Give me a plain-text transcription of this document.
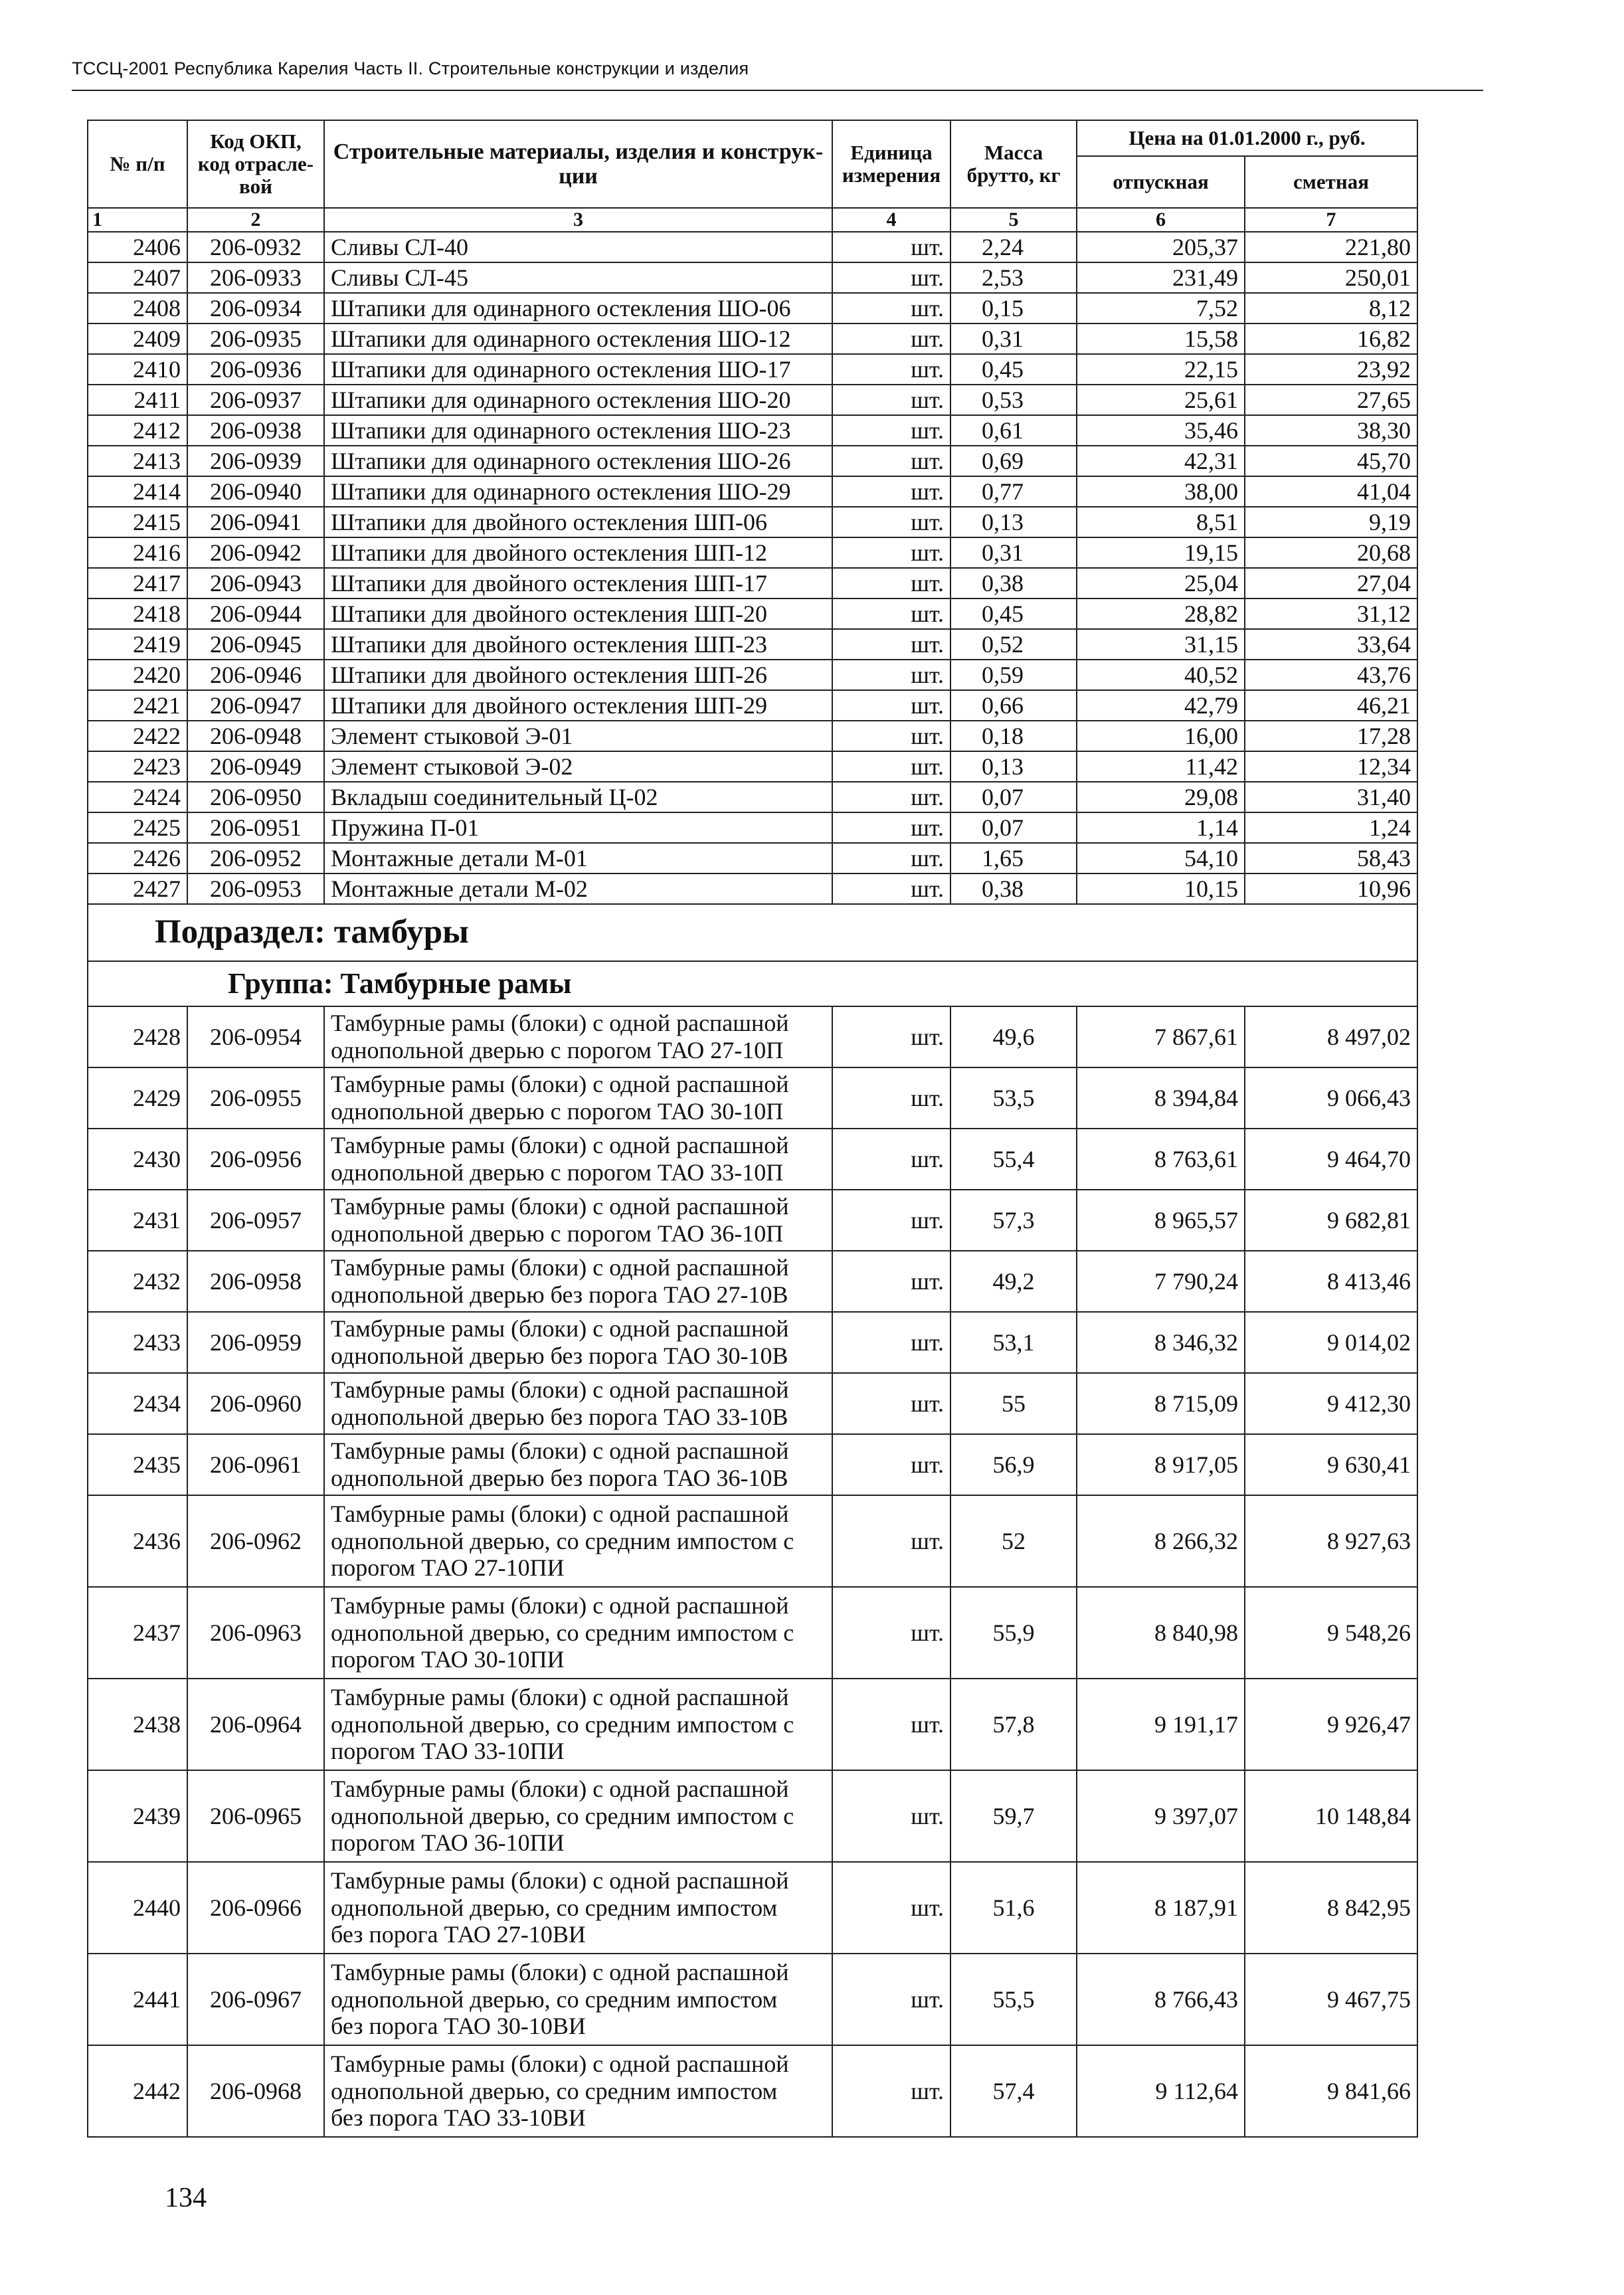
ТССЦ-2001 Республика Карелия Часть II. Строительные конструкции и изделия
№ п/п	Код ОКП, код отрасле-вой	Строительные материалы, изделия и конструк-ции	Единица измерения	Масса брутто, кг	Цена на 01.01.2000 г., руб.	
					отпускная	сметная
1	2	3	4	5	6	7
2406	206-0932	Сливы СЛ-40	шт.	2,24	205,37	221,80
2407	206-0933	Сливы СЛ-45	шт.	2,53	231,49	250,01
2408	206-0934	Штапики для одинарного остекления ШО-06	шт.	0,15	7,52	8,12
2409	206-0935	Штапики для одинарного остекления ШО-12	шт.	0,31	15,58	16,82
2410	206-0936	Штапики для одинарного остекления ШО-17	шт.	0,45	22,15	23,92
2411	206-0937	Штапики для одинарного остекления ШО-20	шт.	0,53	25,61	27,65
2412	206-0938	Штапики для одинарного остекления ШО-23	шт.	0,61	35,46	38,30
2413	206-0939	Штапики для одинарного остекления ШО-26	шт.	0,69	42,31	45,70
2414	206-0940	Штапики для одинарного остекления ШО-29	шт.	0,77	38,00	41,04
2415	206-0941	Штапики для двойного остекления ШП-06	шт.	0,13	8,51	9,19
2416	206-0942	Штапики для двойного остекления ШП-12	шт.	0,31	19,15	20,68
2417	206-0943	Штапики для двойного остекления ШП-17	шт.	0,38	25,04	27,04
2418	206-0944	Штапики для двойного остекления ШП-20	шт.	0,45	28,82	31,12
2419	206-0945	Штапики для двойного остекления ШП-23	шт.	0,52	31,15	33,64
2420	206-0946	Штапики для двойного остекления ШП-26	шт.	0,59	40,52	43,76
2421	206-0947	Штапики для двойного остекления ШП-29	шт.	0,66	42,79	46,21
2422	206-0948	Элемент стыковой Э-01	шт.	0,18	16,00	17,28
2423	206-0949	Элемент стыковой Э-02	шт.	0,13	11,42	12,34
2424	206-0950	Вкладыш соединительный Ц-02	шт.	0,07	29,08	31,40
2425	206-0951	Пружина П-01	шт.	0,07	1,14	1,24
2426	206-0952	Монтажные детали М-01	шт.	1,65	54,10	58,43
2427	206-0953	Монтажные детали М-02	шт.	0,38	10,15	10,96
Подраздел: тамбуры						
Группа: Тамбурные рамы						
2428	206-0954	Тамбурные рамы (блоки) с одной распашной
однопольной дверью с порогом ТАО 27-10П	шт.	49,6	7 867,61	8 497,02
2429	206-0955	Тамбурные рамы (блоки) с одной распашной
однопольной дверью с порогом ТАО 30-10П	шт.	53,5	8 394,84	9 066,43
2430	206-0956	Тамбурные рамы (блоки) с одной распашной
однопольной дверью с порогом ТАО 33-10П	шт.	55,4	8 763,61	9 464,70
2431	206-0957	Тамбурные рамы (блоки) с одной распашной
однопольной дверью с порогом ТАО 36-10П	шт.	57,3	8 965,57	9 682,81
2432	206-0958	Тамбурные рамы (блоки) с одной распашной
однопольной дверью без порога ТАО 27-10В	шт.	49,2	7 790,24	8 413,46
2433	206-0959	Тамбурные рамы (блоки) с одной распашной
однопольной дверью без порога ТАО 30-10В	шт.	53,1	8 346,32	9 014,02
2434	206-0960	Тамбурные рамы (блоки) с одной распашной
однопольной дверью без порога ТАО 33-10В	шт.	55	8 715,09	9 412,30
2435	206-0961	Тамбурные рамы (блоки) с одной распашной
однопольной дверью без порога ТАО 36-10В	шт.	56,9	8 917,05	9 630,41
2436	206-0962	Тамбурные рамы (блоки) с одной распашной
однопольной дверью, со средним импостом с
порогом ТАО 27-10ПИ	шт.	52	8 266,32	8 927,63
2437	206-0963	Тамбурные рамы (блоки) с одной распашной
однопольной дверью, со средним импостом с
порогом ТАО 30-10ПИ	шт.	55,9	8 840,98	9 548,26
2438	206-0964	Тамбурные рамы (блоки) с одной распашной
однопольной дверью, со средним импостом с
порогом ТАО 33-10ПИ	шт.	57,8	9 191,17	9 926,47
2439	206-0965	Тамбурные рамы (блоки) с одной распашной
однопольной дверью, со средним импостом с
порогом ТАО 36-10ПИ	шт.	59,7	9 397,07	10 148,84
2440	206-0966	Тамбурные рамы (блоки) с одной распашной
однопольной дверью, со средним импостом
без порога ТАО 27-10ВИ	шт.	51,6	8 187,91	8 842,95
2441	206-0967	Тамбурные рамы (блоки) с одной распашной
однопольной дверью, со средним импостом
без порога ТАО 30-10ВИ	шт.	55,5	8 766,43	9 467,75
2442	206-0968	Тамбурные рамы (блоки) с одной распашной
однопольной дверью, со средним импостом
без порога ТАО 33-10ВИ	шт.	57,4	9 112,64	9 841,66
134
